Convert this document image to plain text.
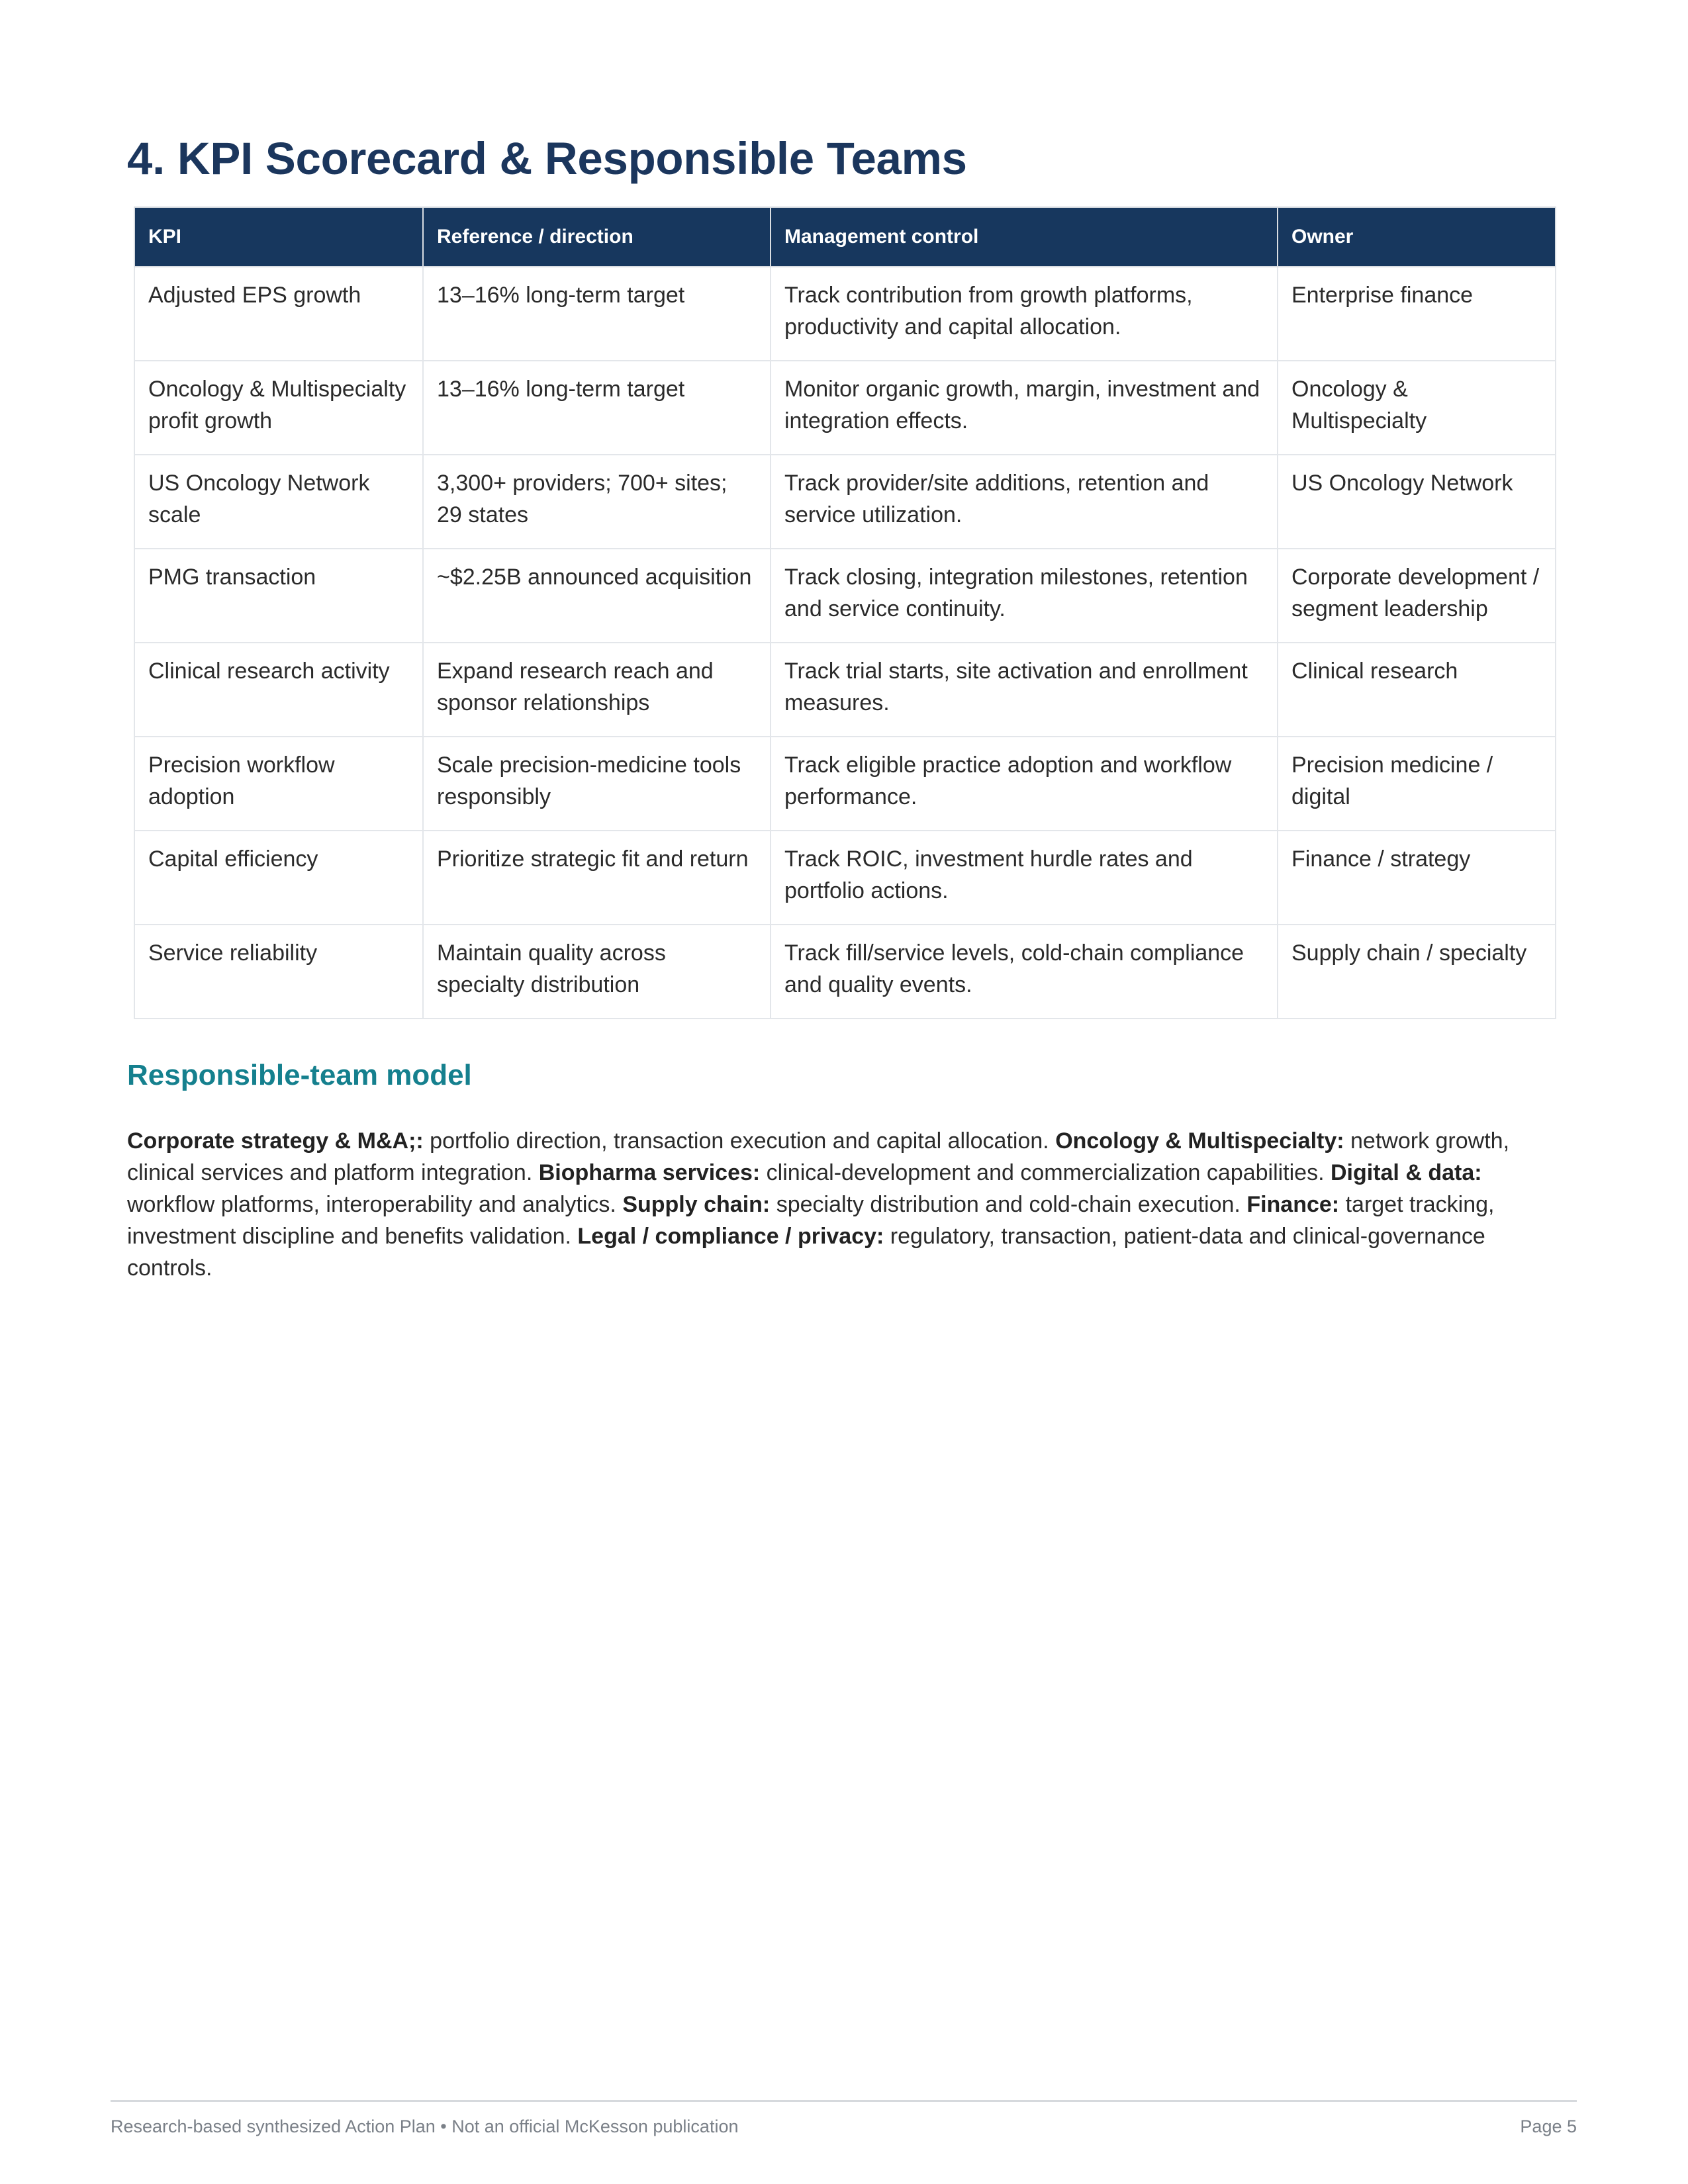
4. KPI Scorecard & Responsible Teams
KPI	Reference / direction	Management control	Owner
Adjusted EPS growth	13–16% long-term target	Track contribution from growth platforms, productivity and capital allocation.	Enterprise finance
Oncology & Multispecialty profit growth	13–16% long-term target	Monitor organic growth, margin, investment and integration effects.	Oncology & Multispecialty
US Oncology Network scale	3,300+ providers; 700+ sites; 29 states	Track provider/site additions, retention and service utilization.	US Oncology Network
PMG transaction	~$2.25B announced acquisition	Track closing, integration milestones, retention and service continuity.	Corporate development / segment leadership
Clinical research activity	Expand research reach and sponsor relationships	Track trial starts, site activation and enrollment measures.	Clinical research
Precision workflow adoption	Scale precision-medicine tools responsibly	Track eligible practice adoption and workflow performance.	Precision medicine / digital
Capital efficiency	Prioritize strategic fit and return	Track ROIC, investment hurdle rates and portfolio actions.	Finance / strategy
Service reliability	Maintain quality across specialty distribution	Track fill/service levels, cold-chain compliance and quality events.	Supply chain / specialty
Responsible-team model

Corporate strategy & M&A;: portfolio direction, transaction execution and capital allocation. Oncology & Multispecialty: network growth, clinical services and platform integration. Biopharma services: clinical-development and commercialization capabilities. Digital & data: workflow platforms, interoperability and analytics. Supply chain: specialty distribution and cold-chain execution. Finance: target tracking, investment discipline and benefits validation. Legal / compliance / privacy: regulatory, transaction, patient-data and clinical-governance controls.

Research-based synthesized Action Plan • Not an official McKesson publication	Page 5
